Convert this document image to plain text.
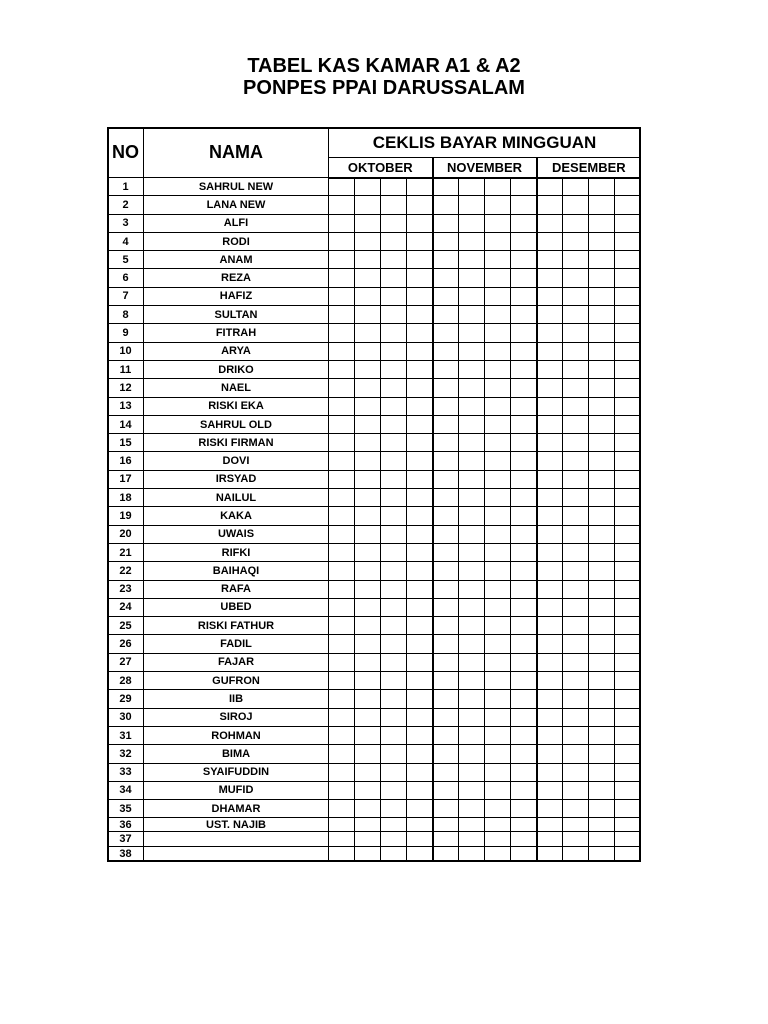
TABEL KAS KAMAR A1 & A2
PONPES PPAI DARUSSALAM
NO	NAMA	CEKLIS BAYAR MINGGUAN											
		OKTOBER				NOVEMBER				DESEMBER			
1	SAHRUL NEW												
2	LANA NEW												
3	ALFI												
4	RODI												
5	ANAM												
6	REZA												
7	HAFIZ												
8	SULTAN												
9	FITRAH												
10	ARYA												
11	DRIKO												
12	NAEL												
13	RISKI EKA												
14	SAHRUL OLD												
15	RISKI FIRMAN												
16	DOVI												
17	IRSYAD												
18	NAILUL												
19	KAKA												
20	UWAIS												
21	RIFKI												
22	BAIHAQI												
23	RAFA												
24	UBED												
25	RISKI FATHUR												
26	FADIL												
27	FAJAR												
28	GUFRON												
29	IIB												
30	SIROJ												
31	ROHMAN												
32	BIMA												
33	SYAIFUDDIN												
34	MUFID												
35	DHAMAR												
36	UST. NAJIB												
37													
38													
